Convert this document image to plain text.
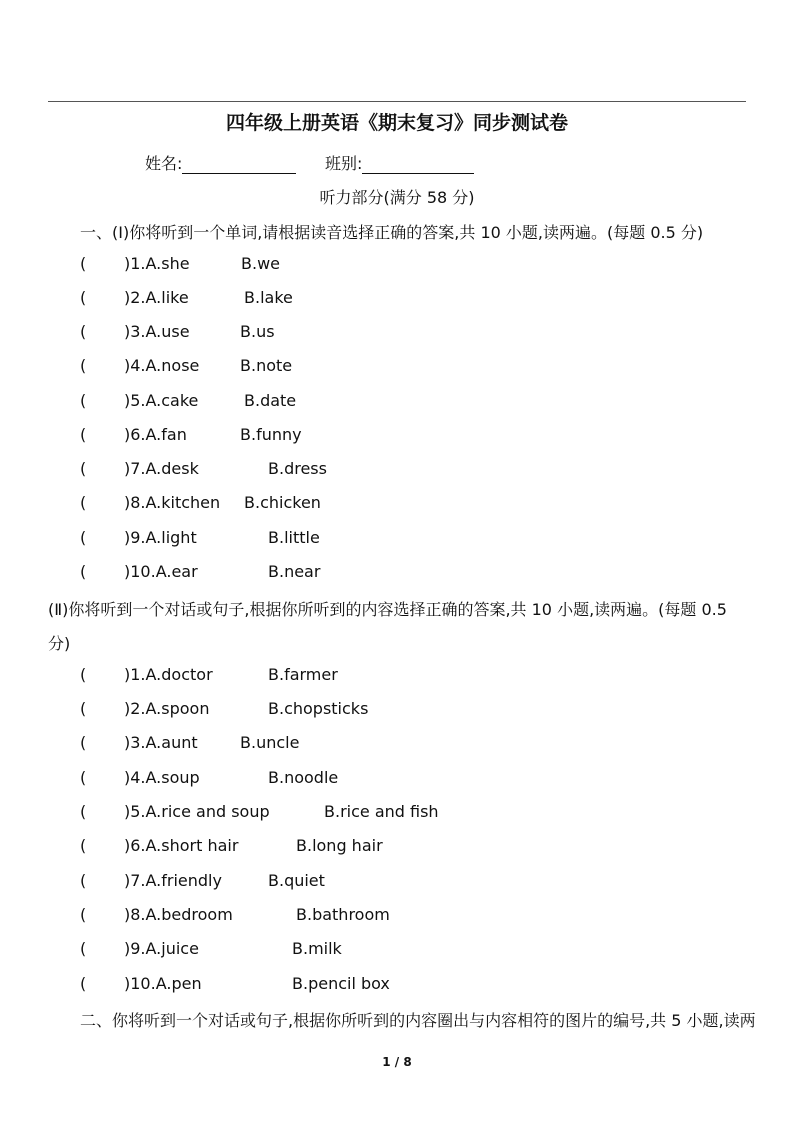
四年级上册英语《期末复习》同步测试卷
姓名:	班别:
听力部分(满分 58 分)
一、(Ⅰ)你将听到一个单词,请根据读音选择正确的答案,共 10 小题,读两遍。(每题 0.5 分)
( )1.A.she	B.we
( )2.A.like	B.lake
( )3.A.use	B.us
( )4.A.nose	B.note
( )5.A.cake	B.date
( )6.A.fan	B.funny
( )7.A.desk	B.dress
( )8.A.kitchen B.chicken
( )9.A.light	B.little
( )10.A.ear	B.near
(Ⅱ)你将听到一个对话或句子,根据你所听到的内容选择正确的答案,共 10 小题,读两遍。(每题 0.5
分)
( )1.A.doctor	B.farmer
( )2.A.spoon	B.chopsticks
( )3.A.aunt	B.uncle
( )4.A.soup	B.noodle
( )5.A.rice and soup	B.rice and fish
( )6.A.short hair	B.long hair
( )7.A.friendly	B.quiet
( )8.A.bedroom	B.bathroom
( )9.A.juice	B.milk
( )10.A.pen	B.pencil box
二、你将听到一个对话或句子,根据你所听到的内容圈出与内容相符的图片的编号,共 5 小题,读两
1 / 8
